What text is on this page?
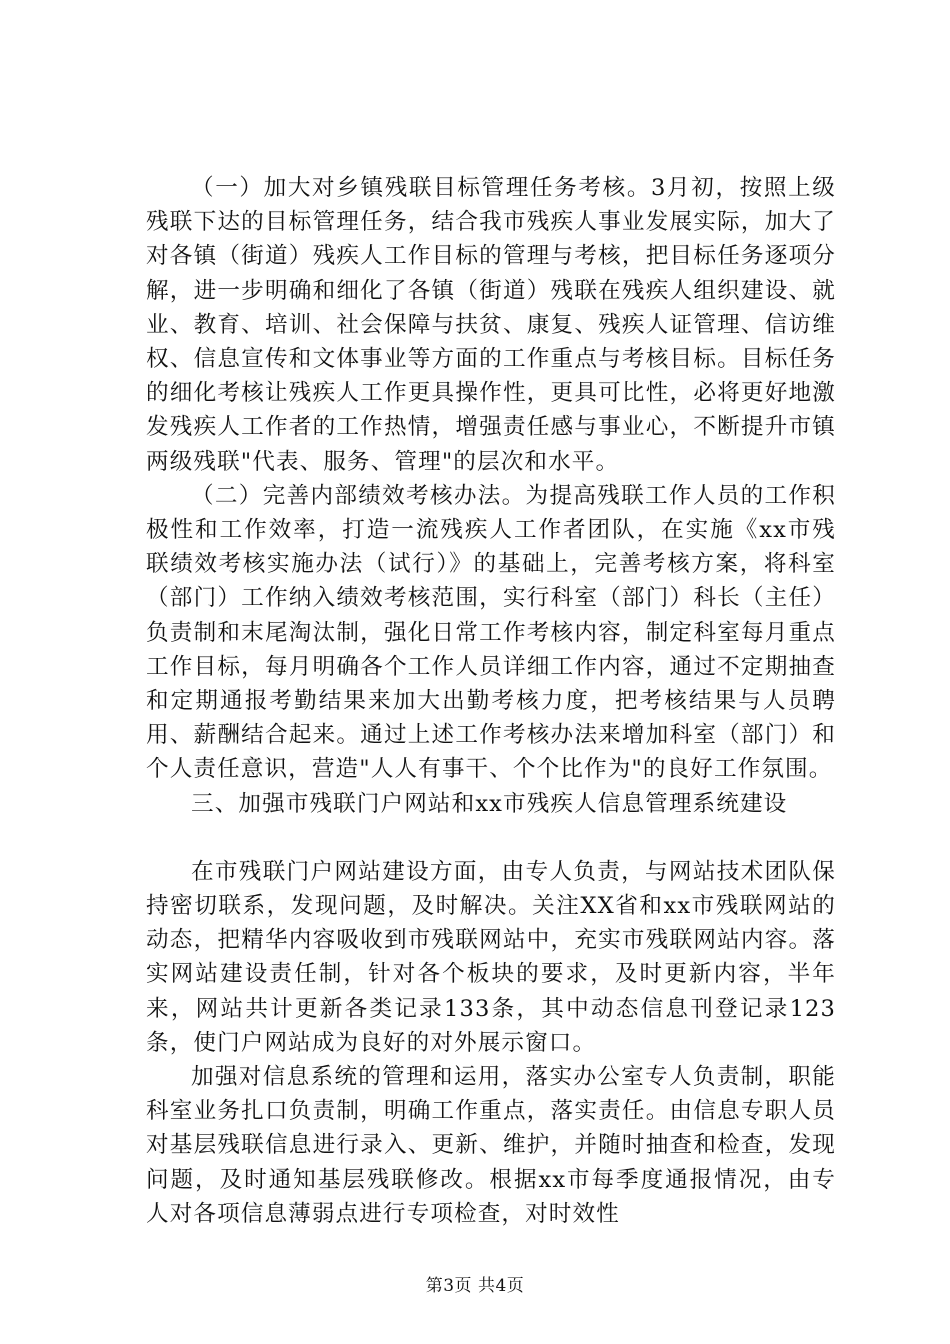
（一）加大对乡镇残联目标管理任务考核。3月初，按照上级残联下达的目标管理任务，结合我市残疾人事业发展实际，加大了对各镇（街道）残疾人工作目标的管理与考核，把目标任务逐项分解，进一步明确和细化了各镇（街道）残联在残疾人组织建设、就业、教育、培训、社会保障与扶贫、康复、残疾人证管理、信访维权、信息宣传和文体事业等方面的工作重点与考核目标。目标任务的细化考核让残疾人工作更具操作性，更具可比性，必将更好地激发残疾人工作者的工作热情，增强责任感与事业心，不断提升市镇两级残联"代表、服务、管理"的层次和水平。

（二）完善内部绩效考核办法。为提高残联工作人员的工作积极性和工作效率，打造一流残疾人工作者团队，在实施《xx市残联绩效考核实施办法（试行）》的基础上，完善考核方案，将科室（部门）工作纳入绩效考核范围，实行科室（部门）科长（主任）负责制和末尾淘汰制，强化日常工作考核内容，制定科室每月重点工作目标，每月明确各个工作人员详细工作内容，通过不定期抽查和定期通报考勤结果来加大出勤考核力度，把考核结果与人员聘用、薪酬结合起来。通过上述工作考核办法来增加科室（部门）和个人责任意识，营造"人人有事干、个个比作为"的良好工作氛围。

三、加强市残联门户网站和xx市残疾人信息管理系统建设

在市残联门户网站建设方面，由专人负责，与网站技术团队保持密切联系，发现问题，及时解决。关注XX省和xx市残联网站的动态，把精华内容吸收到市残联网站中，充实市残联网站内容。落实网站建设责任制，针对各个板块的要求，及时更新内容，半年来，网站共计更新各类记录133条，其中动态信息刊登记录123条，使门户网站成为良好的对外展示窗口。

加强对信息系统的管理和运用，落实办公室专人负责制，职能科室业务扎口负责制，明确工作重点，落实责任。由信息专职人员对基层残联信息进行录入、更新、维护，并随时抽查和检查，发现问题，及时通知基层残联修改。根据xx市每季度通报情况，由专人对各项信息薄弱点进行专项检查，对时效性

第3页 共4页
